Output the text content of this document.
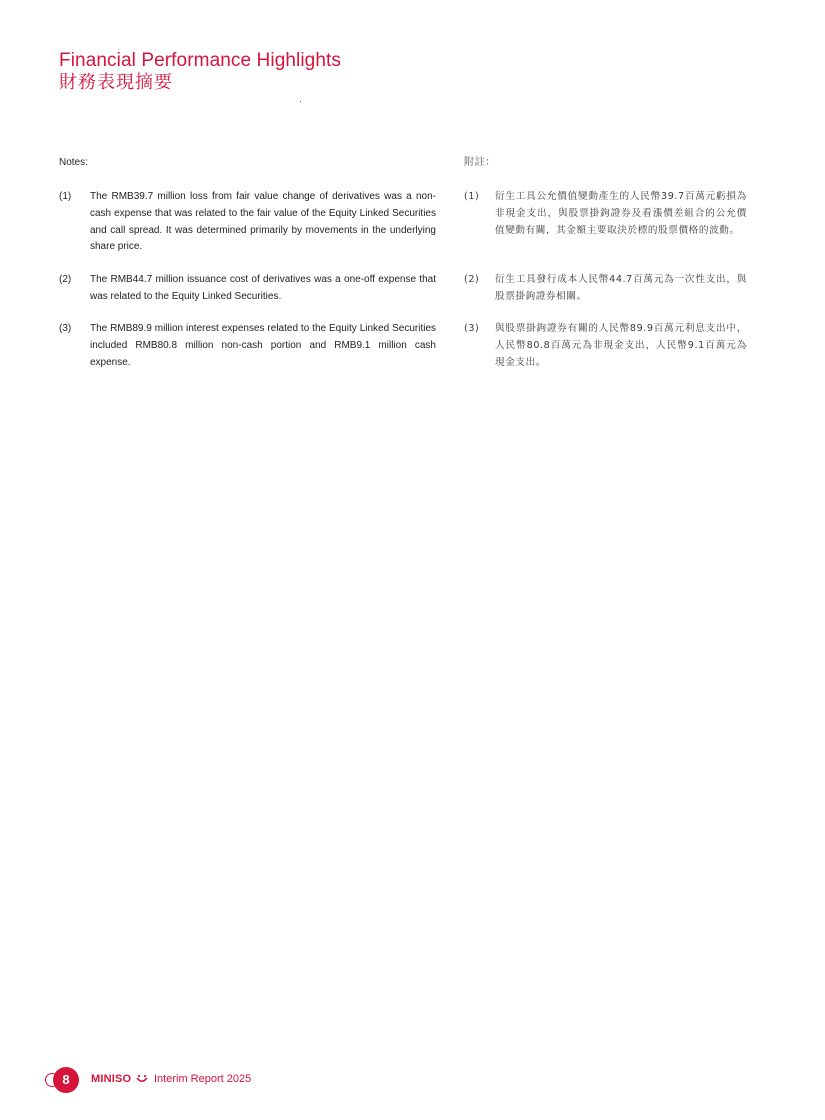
Financial Performance Highlights
財務表現摘要

Notes:

(1)	The RMB39.7 million loss from fair value change of derivatives was a non-cash expense that was related to the fair value of the Equity Linked Securities and call spread. It was determined primarily by movements in the underlying share price.
(2)	The RMB44.7 million issuance cost of derivatives was a one-off expense that was related to the Equity Linked Securities.
(3)	The RMB89.9 million interest expenses related to the Equity Linked Securities included RMB80.8 million non-cash portion and RMB9.1 million cash expense.

附註：

(1)	衍生工具公允價值變動產生的人民幣39.7百萬元虧損為非現金支出，與股票掛鉤證券及看漲價差組合的公允價值變動有關，其金額主要取決於標的股票價格的波動。
(2)	衍生工具發行成本人民幣44.7百萬元為一次性支出，與股票掛鉤證券相關。
(3)	與股票掛鉤證券有關的人民幣89.9百萬元利息支出中，人民幣80.8百萬元為非現金支出，人民幣9.1百萬元為現金支出。
8	MINISO Interim Report 2025
